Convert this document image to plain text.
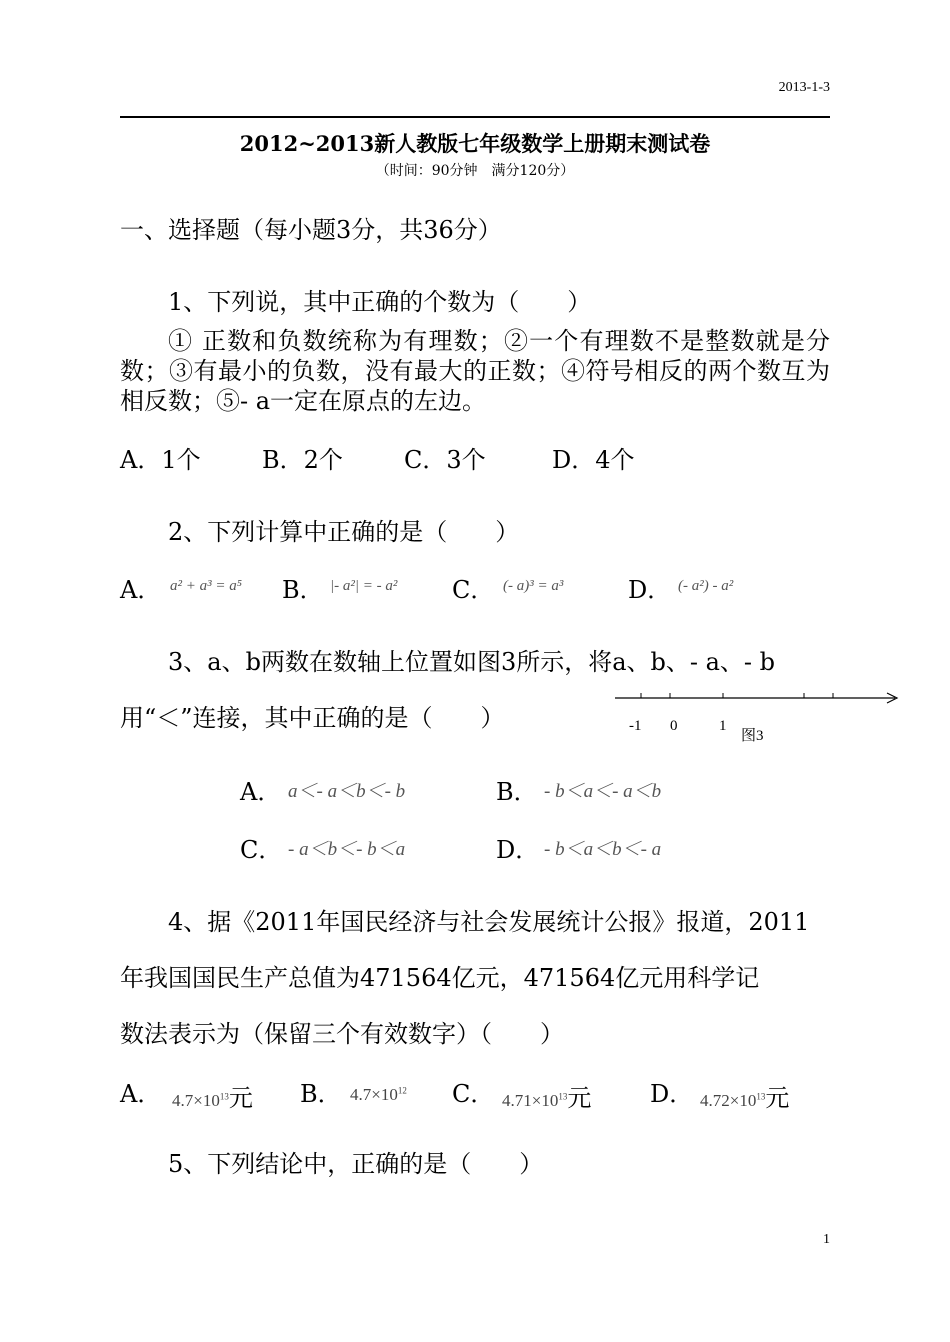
2013-1-3
2012~2013新人教版七年级数学上册期末测试卷
（时间：90分钟　满分120分）
一、选择题（每小题3分，共36分）
1、下列说，其中正确的个数为（　　）
① 正数和负数统称为有理数；②一个有理数不是整数就是分数；③有最小的负数，没有最大的正数；④符号相反的两个数互为相反数；⑤- a一定在原点的左边。
A．1个	B．2个	C．3个	D．4个
2、下列计算中正确的是（　　）
A． a² + a³ = a⁵ B． |- a²| = - a² C． (- a)³ = a³	D． (- a²) - a²
3、a、b两数在数轴上位置如图3所示，将a、b、- a、- b
用“＜”连接，其中正确的是（　　）	-1 0	1
图3
A． a＜- a＜b＜- b	B． - b＜a＜- a＜b
C． - a＜b＜- b＜a	D． - b＜a＜b＜- a
4、据《2011年国民经济与社会发展统计公报》报道，2011
年我国国民生产总值为471564亿元，471564亿元用科学记
数法表示为（保留三个有效数字）（　　）
A． $4.7\times 10^{13}$元 B． $4.7\times 10^{12}$ C． $4.71\times 10^{13}$元 D． $4.72\times 10^{13}$元
5、下列结论中，正确的是（　　）
1
